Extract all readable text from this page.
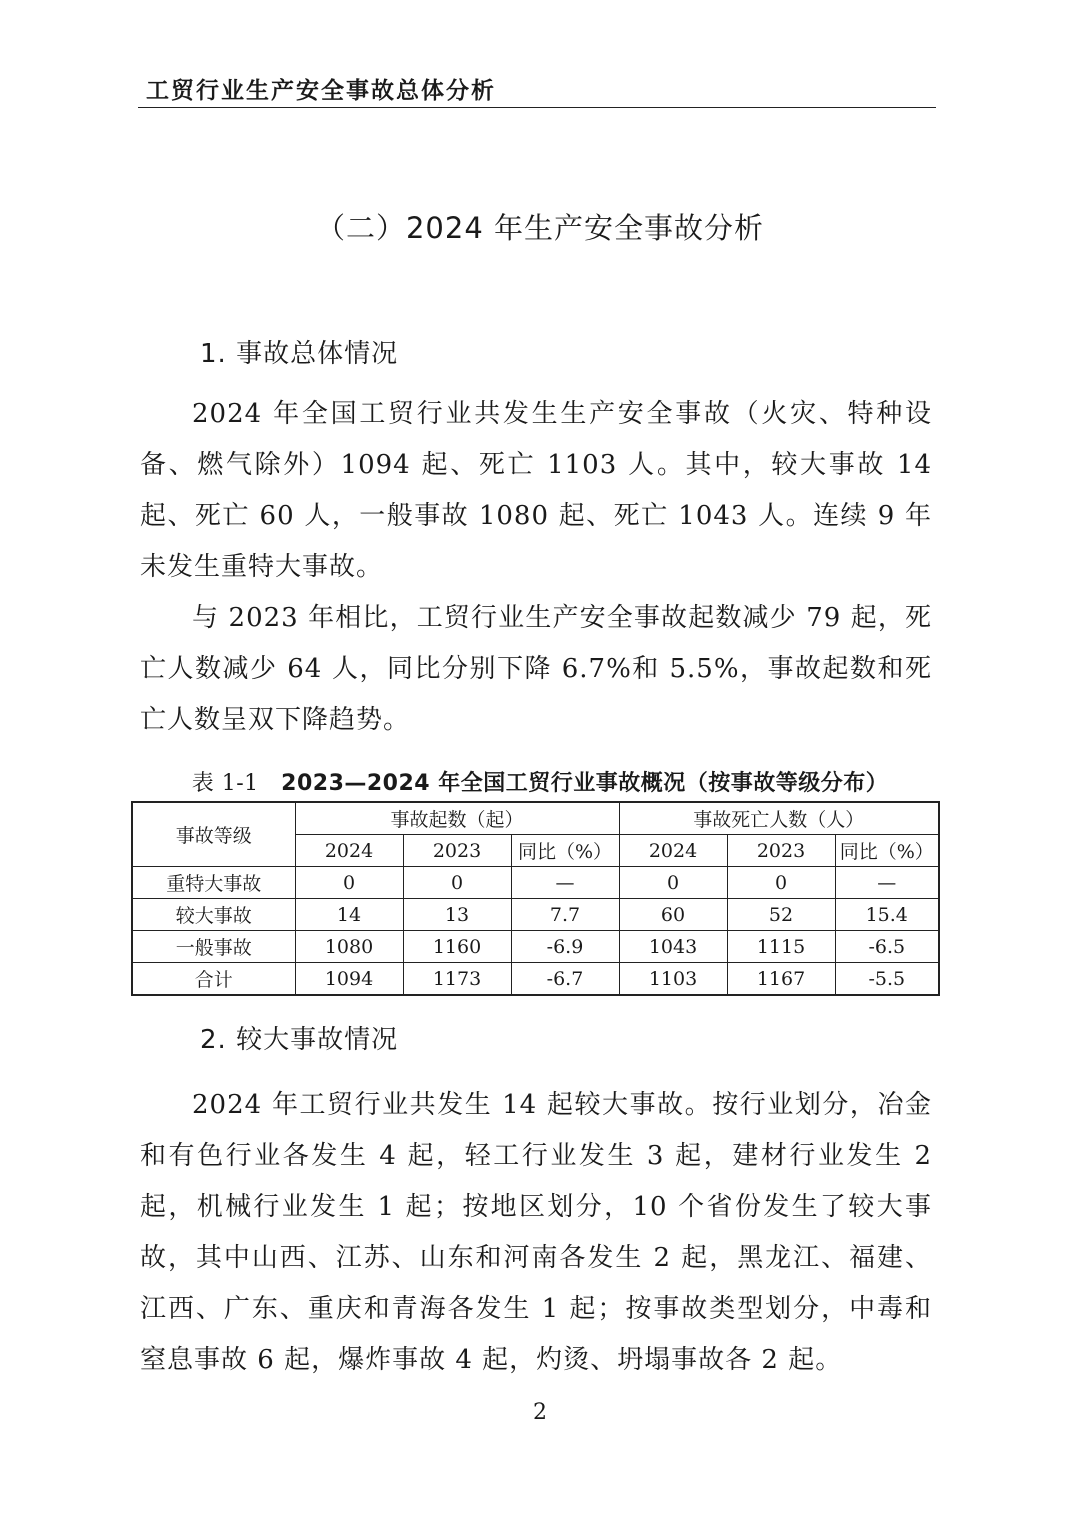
工贸行业生产安全事故总体分析
（二）2024 年生产安全事故分析
1. 事故总体情况

2024 年全国工贸行业共发生生产安全事故（火灾、特种设备、燃气除外）1094 起、死亡 1103 人。其中，较大事故 14 起、死亡 60 人，一般事故 1080 起、死亡 1043 人。连续 9 年未发生重特大事故。

与 2023 年相比，工贸行业生产安全事故起数减少 79 起，死亡人数减少 64 人，同比分别下降 6.7%和 5.5%，事故起数和死亡人数呈双下降趋势。

表 1-1 2023—2024 年全国工贸行业事故概况（按事故等级分布）
事故等级	事故起数（起）			事故死亡人数（人）		
	2024	2023	同比（%）	2024	2023	同比（%）
重特大事故	0	0	—	0	0	—
较大事故	14	13	7.7	60	52	15.4
一般事故	1080	1160	-6.9	1043	1115	-6.5
合计	1094	1173	-6.7	1103	1167	-5.5
2. 较大事故情况

2024 年工贸行业共发生 14 起较大事故。按行业划分，冶金和有色行业各发生 4 起，轻工行业发生 3 起，建材行业发生 2 起，机械行业发生 1 起；按地区划分，10 个省份发生了较大事故，其中山西、江苏、山东和河南各发生 2 起，黑龙江、福建、江西、广东、重庆和青海各发生 1 起；按事故类型划分，中毒和窒息事故 6 起，爆炸事故 4 起，灼烫、坍塌事故各 2 起。

2
